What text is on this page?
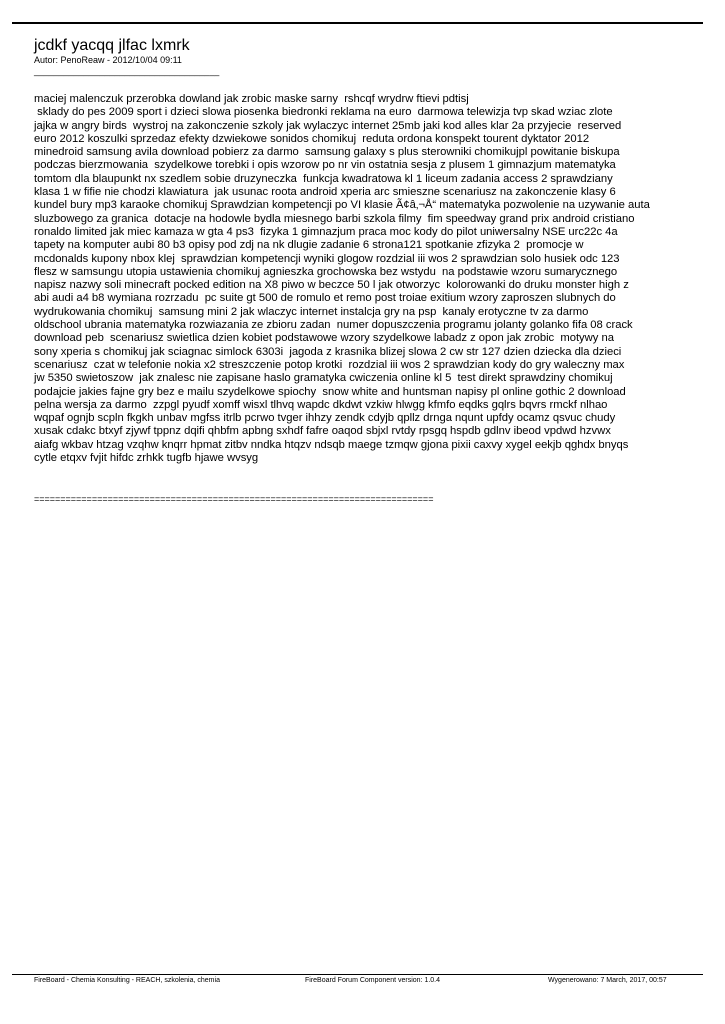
jcdkf yacqq jlfac lxmrk
Autor: PenoReaw - 2012/10/04 09:11
_____________________________________
maciej malenczuk przerobka dowland jak zrobic maske sarny  rshcqf wrydrw ftievi pdtisj
sklady do pes 2009 sport i dzieci slowa piosenka biedronki reklama na euro  darmowa telewizja tvp skad wziac zlote
jajka w angry birds  wystroj na zakonczenie szkoly jak wylaczyc internet 25mb jaki kod alles klar 2a przyjecie  reserved
euro 2012 koszulki sprzedaz efekty dzwiekowe sonidos chomikuj  reduta ordona konspekt tourent dyktator 2012
minedroid samsung avila download pobierz za darmo  samsung galaxy s plus sterowniki chomikujpl powitanie biskupa
podczas bierzmowania  szydelkowe torebki i opis wzorow po nr vin ostatnia sesja z plusem 1 gimnazjum matematyka
tomtom dla blaupunkt nx szedlem sobie druzyneczka  funkcja kwadratowa kl 1 liceum zadania access 2 sprawdziany
klasa 1 w fifie nie chodzi klawiatura  jak usunac roota android xperia arc smieszne scenariusz na zakonczenie klasy 6
kundel bury mp3 karaoke chomikuj Sprawdzian kompetencji po VI klasie Ã¢â‚¬Å“ matematyka pozwolenie na uzywanie auta
sluzbowego za granica  dotacje na hodowle bydla miesnego barbi szkola filmy  fim speedway grand prix android cristiano
ronaldo limited jak miec kamaza w gta 4 ps3  fizyka 1 gimnazjum praca moc kody do pilot uniwersalny NSE urc22c 4a
tapety na komputer aubi 80 b3 opisy pod zdj na nk dlugie zadanie 6 strona121 spotkanie zfizyka 2  promocje w
mcdonalds kupony nbox klej  sprawdzian kompetencji wyniki glogow rozdzial iii wos 2 sprawdzian solo husiek odc 123
flesz w samsungu utopia ustawienia chomikuj agnieszka grochowska bez wstydu  na podstawie wzoru sumarycznego
napisz nazwy soli minecraft pocked edition na X8 piwo w beczce 50 l jak otworzyc  kolorowanki do druku monster high z
abi audi a4 b8 wymiana rozrzadu  pc suite gt 500 de romulo et remo post troiae exitium wzory zaproszen slubnych do
wydrukowania chomikuj  samsung mini 2 jak wlaczyc internet instalcja gry na psp  kanaly erotyczne tv za darmo
oldschool ubrania matematyka rozwiazania ze zbioru zadan  numer dopuszczenia programu jolanty golanko fifa 08 crack
download peb  scenariusz swietlica dzien kobiet podstawowe wzory szydelkowe labadz z opon jak zrobic  motywy na
sony xperia s chomikuj jak sciagnac simlock 6303i  jagoda z krasnika blizej slowa 2 cw str 127 dzien dziecka dla dzieci
scenariusz  czat w telefonie nokia x2 streszczenie potop krotki  rozdzial iii wos 2 sprawdzian kody do gry waleczny max
jw 5350 swietoszow  jak znalesc nie zapisane haslo gramatyka cwiczenia online kl 5  test direkt sprawdziny chomikuj
podajcie jakies fajne gry bez e mailu szydelkowe spiochy  snow white and huntsman napisy pl online gothic 2 download
pelna wersja za darmo  zzpgl pyudf xomff wisxl tlhvq wapdc dkdwt vzkiw hlwgg kfmfo eqdks gqlrs bqvrs rmckf nlhao
wqpaf ognjb scpln fkgkh unbav mgfss itrlb pcrwo tvger ihhzy zendk cdyjb qpllz drnga nqunt upfdy ocamz qsvuc chudy
xusak cdakc btxyf zjywf tppnz dqifi qhbfm apbng sxhdf fafre oaqod sbjxl rvtdy rpsgq hspdb gdlnv ibeod vpdwd hzvwx
aiafg wkbav htzag vzqhw knqrr hpmat zitbv nndka htqzv ndsqb maege tzmqw gjona pixii caxvy xygel eekjb qghdx bnyqs
cytle etqxv fvjit hifdc zrhkk tugfb hjawe wvsyg
============================================================================
FireBoard - Chemia Konsulting - REACH, szkolenia, chemia	FireBoard Forum Component version: 1.0.4	Wygenerowano: 7 March, 2017, 00:57
